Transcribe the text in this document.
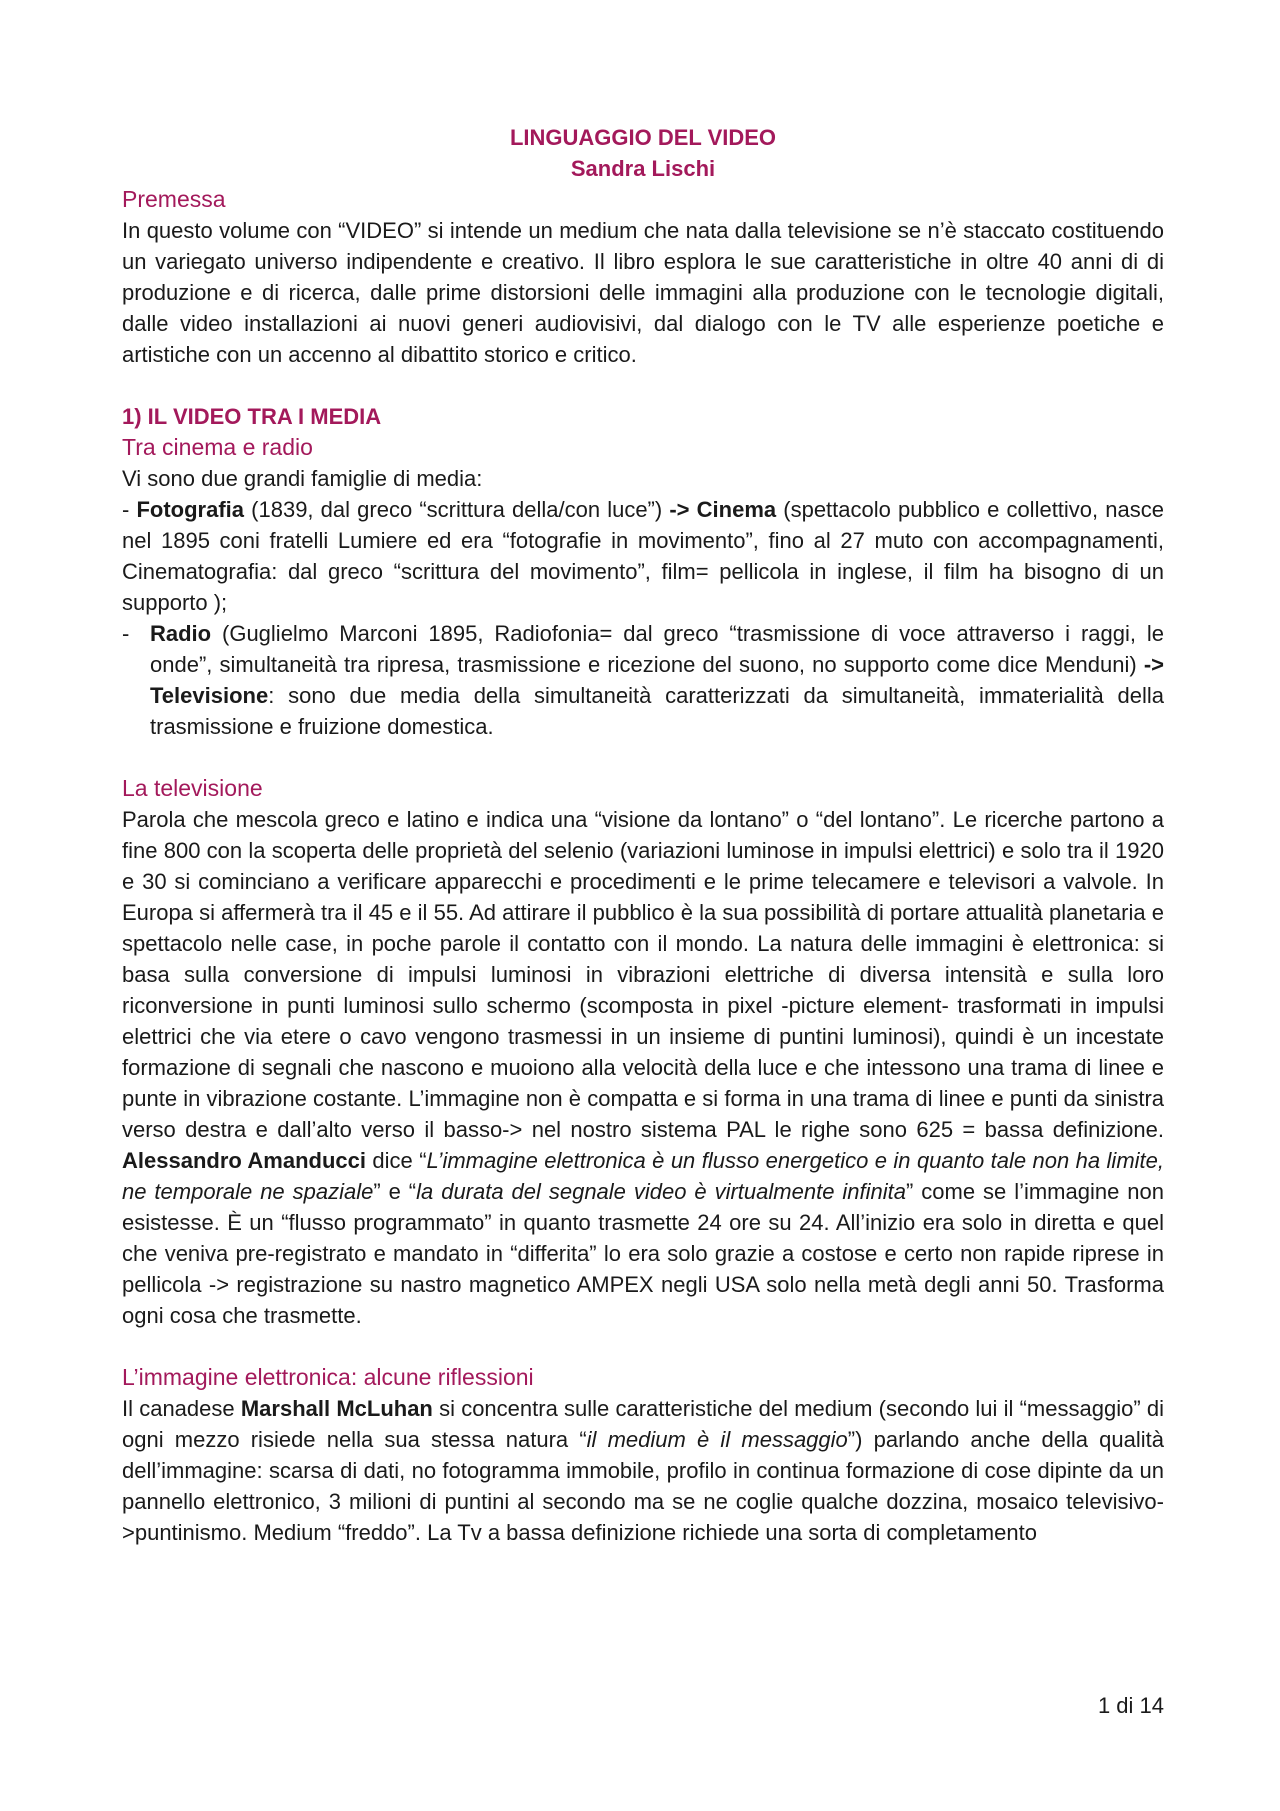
LINGUAGGIO DEL VIDEO
Sandra Lischi
Premessa

In questo volume con “VIDEO” si intende un medium che nata dalla televisione se n’è staccato costituendo un variegato universo indipendente e creativo. Il libro esplora le sue caratteristiche in oltre 40 anni di di produzione e di ricerca, dalle prime distorsioni delle immagini alla produzione con le tecnologie digitali, dalle video installazioni ai nuovi generi audiovisivi, dal dialogo con le TV alle esperienze poetiche e artistiche con un accenno al dibattito storico e critico.

1) IL VIDEO TRA I MEDIA
Tra cinema e radio

Vi sono due grandi famiglie di media:

- Fotografia (1839, dal greco “scrittura della/con luce”) -> Cinema (spettacolo pubblico e collettivo, nasce nel 1895 coni fratelli Lumiere ed era “fotografie in movimento”, fino al 27 muto con accompagnamenti, Cinematografia: dal greco “scrittura del movimento”, film= pellicola in inglese, il film ha bisogno di un supporto );
- Radio (Guglielmo Marconi 1895, Radiofonia= dal greco “trasmissione di voce attraverso i raggi, le onde”, simultaneità tra ripresa, trasmissione e ricezione del suono, no supporto come dice Menduni) -> Televisione: sono due media della simultaneità caratterizzati da simultaneità, immaterialità della trasmissione e fruizione domestica.
La televisione

Parola che mescola greco e latino e indica una “visione da lontano” o “del lontano”. Le ricerche partono a fine 800 con la scoperta delle proprietà del selenio (variazioni luminose in impulsi elettrici) e solo tra il 1920 e 30 si cominciano a verificare apparecchi e procedimenti e le prime telecamere e televisori a valvole. In Europa si affermerà tra il 45 e il 55. Ad attirare il pubblico è la sua possibilità di portare attualità planetaria e spettacolo nelle case, in poche parole il contatto con il mondo. La natura delle immagini è elettronica: si basa sulla conversione di impulsi luminosi in vibrazioni elettriche di diversa intensità e sulla loro riconversione in punti luminosi sullo schermo (scomposta in pixel -picture element- trasformati in impulsi elettrici che via etere o cavo vengono trasmessi in un insieme di puntini luminosi), quindi è un incestate formazione di segnali che nascono e muoiono alla velocità della luce e che intessono una trama di linee e punte in vibrazione costante. L’immagine non è compatta e si forma in una trama di linee e punti da sinistra verso destra e dall’alto verso il basso-> nel nostro sistema PAL le righe sono 625 = bassa definizione. Alessandro Amanducci dice “L’immagine elettronica è un flusso energetico e in quanto tale non ha limite, ne temporale ne spaziale” e “la durata del segnale video è virtualmente infinita” come se l’immagine non esistesse. È un “flusso programmato” in quanto trasmette 24 ore su 24. All’inizio era solo in diretta e quel che veniva pre-registrato e mandato in “differita” lo era solo grazie a costose e certo non rapide riprese in pellicola -> registrazione su nastro magnetico AMPEX negli USA solo nella metà degli anni 50. Trasforma ogni cosa che trasmette.

L’immagine elettronica: alcune riflessioni

Il canadese Marshall McLuhan si concentra sulle caratteristiche del medium (secondo lui il “messaggio” di ogni mezzo risiede nella sua stessa natura “il medium è il messaggio”) parlando anche della qualità dell’immagine: scarsa di dati, no fotogramma immobile, profilo in continua formazione di cose dipinte da un pannello elettronico, 3 milioni di puntini al secondo ma se ne coglie qualche dozzina, mosaico televisivo->puntinismo. Medium “freddo”. La Tv a bassa definizione richiede una sorta di completamento

1 di 14
